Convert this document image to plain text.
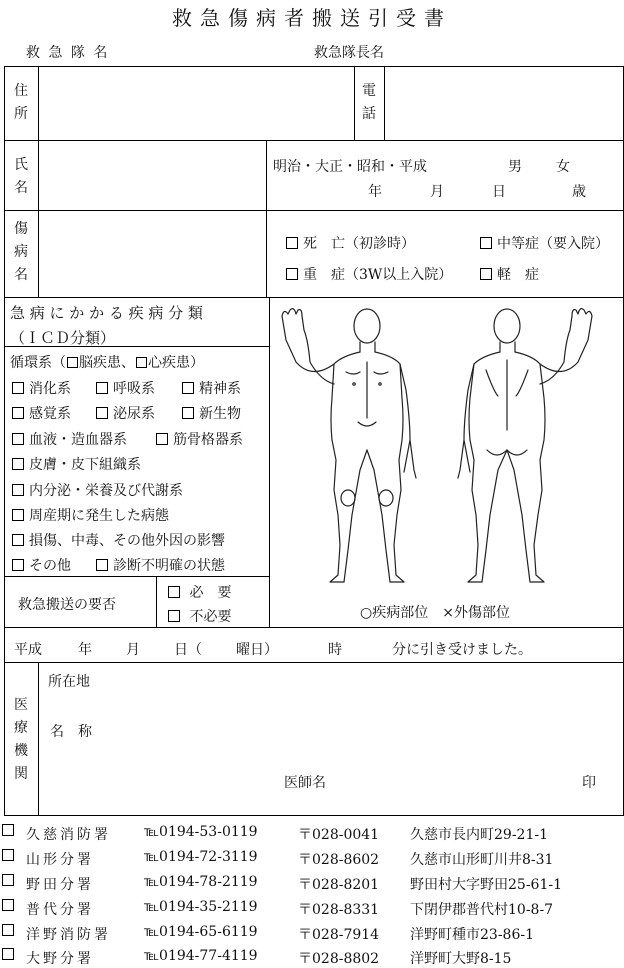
救急傷病者搬送引受書
救 急 隊 名	救急隊長名
住所
電話
氏名
明治・大正・昭和・平成	男 女
年	月	日	歳
傷病名
死　亡（初診時）	中等症（要入院）
重　症（3W以上入院）	軽　症
急 病 に か か る 疾 病 分 類
（ＩＣＤ分類）
循環系（ 脳疾患、 心疾患）
消化系	呼吸系	精神系
感覚系	泌尿系	新生物
血液・造血器系	筋骨格器系
皮膚・皮下組織系
内分泌・栄養及び代謝系
周産期に発生した病態
損傷、中毒、その他外因の影響
その他	診断不明確の状態
救急搬送の要否
必　要
不必要	○疾病部位　×外傷部位
平成	年 月 日（ 曜日）	時	分に引き受けました。
医療機関
所在地
名　称
医師名	印
久慈消防署 ℡0194-53-0119	〒028-0041 久慈市長内町29-21-1
山形分署	℡0194-72-3119	〒028-8602 久慈市山形町川井8-31
野田分署	℡0194-78-2119	〒028-8201 野田村大字野田25-61-1
普代分署	℡0194-35-2119	〒028-8331 下閉伊郡普代村10-8-7
洋野消防署 ℡0194-65-6119	〒028-7914 洋野町種市23-86-1
大野分署	℡0194-77-4119	〒028-8802 洋野町大野8-15
